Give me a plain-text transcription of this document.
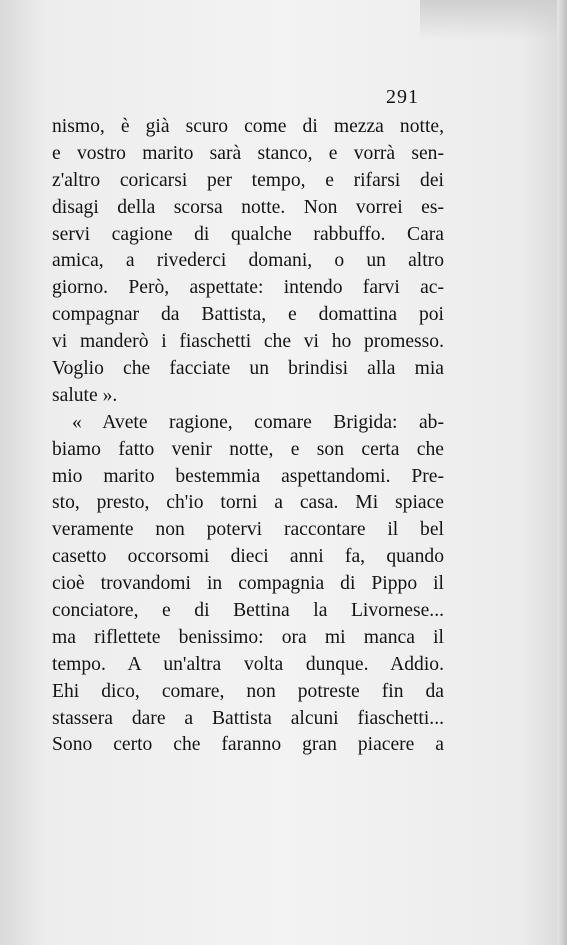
291
nismo, è già scuro come di mezza notte,
e vostro marito sarà stanco, e vorrà sen-
z'altro coricarsi per tempo, e rifarsi dei
disagi della scorsa notte. Non vorrei es-
servi cagione di qualche rabbuffo. Cara
amica, a rivederci domani, o un altro
giorno. Però, aspettate: intendo farvi ac-
compagnar da Battista, e domattina poi
vi manderò i fiaschetti che vi ho promesso.
Voglio che facciate un brindisi alla mia
salute ».
« Avete ragione, comare Brigida: ab-
biamo fatto venir notte, e son certa che
mio marito bestemmia aspettandomi. Pre-
sto, presto, ch'io torni a casa. Mi spiace
veramente non potervi raccontare il bel
casetto occorsomi dieci anni fa, quando
cioè trovandomi in compagnia di Pippo il
conciatore, e di Bettina la Livornese...
ma riflettete benissimo: ora mi manca il
tempo. A un'altra volta dunque. Addio.
Ehi dico, comare, non potreste fin da
stassera dare a Battista alcuni fiaschetti...
Sono certo che faranno gran piacere a
